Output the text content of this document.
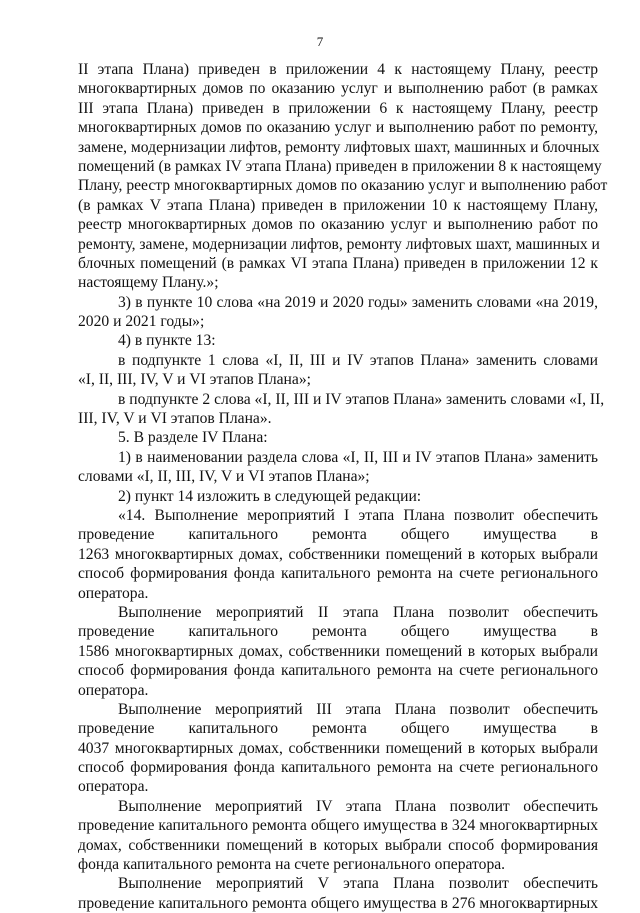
7
II этапа Плана) приведен в приложении 4 к настоящему Плану, реестр
многоквартирных домов по оказанию услуг и выполнению работ (в рамках
III этапа Плана) приведен в приложении 6 к настоящему Плану, реестр
многоквартирных домов по оказанию услуг и выполнению работ по ремонту,
замене, модернизации лифтов, ремонту лифтовых шахт, машинных и блочных
помещений (в рамках IV этапа Плана) приведен в приложении 8 к настоящему
Плану, реестр многоквартирных домов по оказанию услуг и выполнению работ
(в рамках V этапа Плана) приведен в приложении 10 к настоящему Плану,
реестр многоквартирных домов по оказанию услуг и выполнению работ по
ремонту, замене, модернизации лифтов, ремонту лифтовых шахт, машинных и
блочных помещений (в рамках VI этапа Плана) приведен в приложении 12 к
настоящему Плану.»;
3) в пункте 10 слова «на 2019 и 2020 годы» заменить словами «на 2019,
2020 и 2021 годы»;
4) в пункте 13:
в подпункте 1 слова «I, II, III и IV этапов Плана» заменить словами
«I, II, III, IV, V и VI этапов Плана»;
в подпункте 2 слова «I, II, III и IV этапов Плана» заменить словами «I, II,
III, IV, V и VI этапов Плана».
5. В разделе IV Плана:
1) в наименовании раздела слова «I, II, III и IV этапов Плана» заменить
словами «I, II, III, IV, V и VI этапов Плана»;
2) пункт 14 изложить в следующей редакции:
«14. Выполнение мероприятий I этапа Плана позволит обеспечить
проведение капитального ремонта общего имущества в
1263 многоквартирных домах, собственники помещений в которых выбрали
способ формирования фонда капитального ремонта на счете регионального
оператора.
Выполнение мероприятий II этапа Плана позволит обеспечить
проведение капитального ремонта общего имущества в
1586 многоквартирных домах, собственники помещений в которых выбрали
способ формирования фонда капитального ремонта на счете регионального
оператора.
Выполнение мероприятий III этапа Плана позволит обеспечить
проведение капитального ремонта общего имущества в
4037 многоквартирных домах, собственники помещений в которых выбрали
способ формирования фонда капитального ремонта на счете регионального
оператора.
Выполнение мероприятий IV этапа Плана позволит обеспечить
проведение капитального ремонта общего имущества в 324 многоквартирных
домах, собственники помещений в которых выбрали способ формирования
фонда капитального ремонта на счете регионального оператора.
Выполнение мероприятий V этапа Плана позволит обеспечить
проведение капитального ремонта общего имущества в 276 многоквартирных
